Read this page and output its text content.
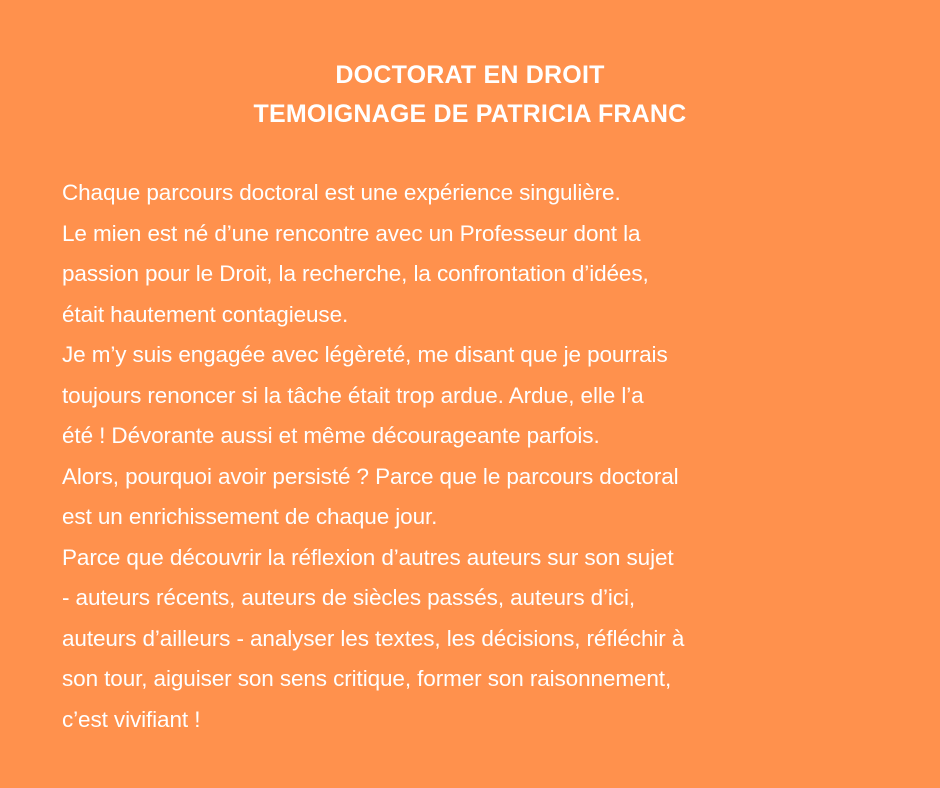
DOCTORAT EN DROIT
TEMOIGNAGE DE PATRICIA FRANC
Chaque parcours doctoral est une expérience singulière.
Le mien est né d’une rencontre avec un Professeur dont la
passion pour le Droit, la recherche, la confrontation d’idées,
était hautement contagieuse.
Je m’y suis engagée avec légèreté, me disant que je pourrais
toujours renoncer si la tâche était trop ardue. Ardue, elle l’a
été ! Dévorante aussi et même décourageante parfois.
Alors, pourquoi avoir persisté ? Parce que le parcours doctoral
est un enrichissement de chaque jour.
Parce que découvrir la réflexion d’autres auteurs sur son sujet
- auteurs récents, auteurs de siècles passés, auteurs d’ici,
auteurs d’ailleurs - analyser les textes, les décisions, réfléchir à
son tour, aiguiser son sens critique, former son raisonnement,
c’est vivifiant !
